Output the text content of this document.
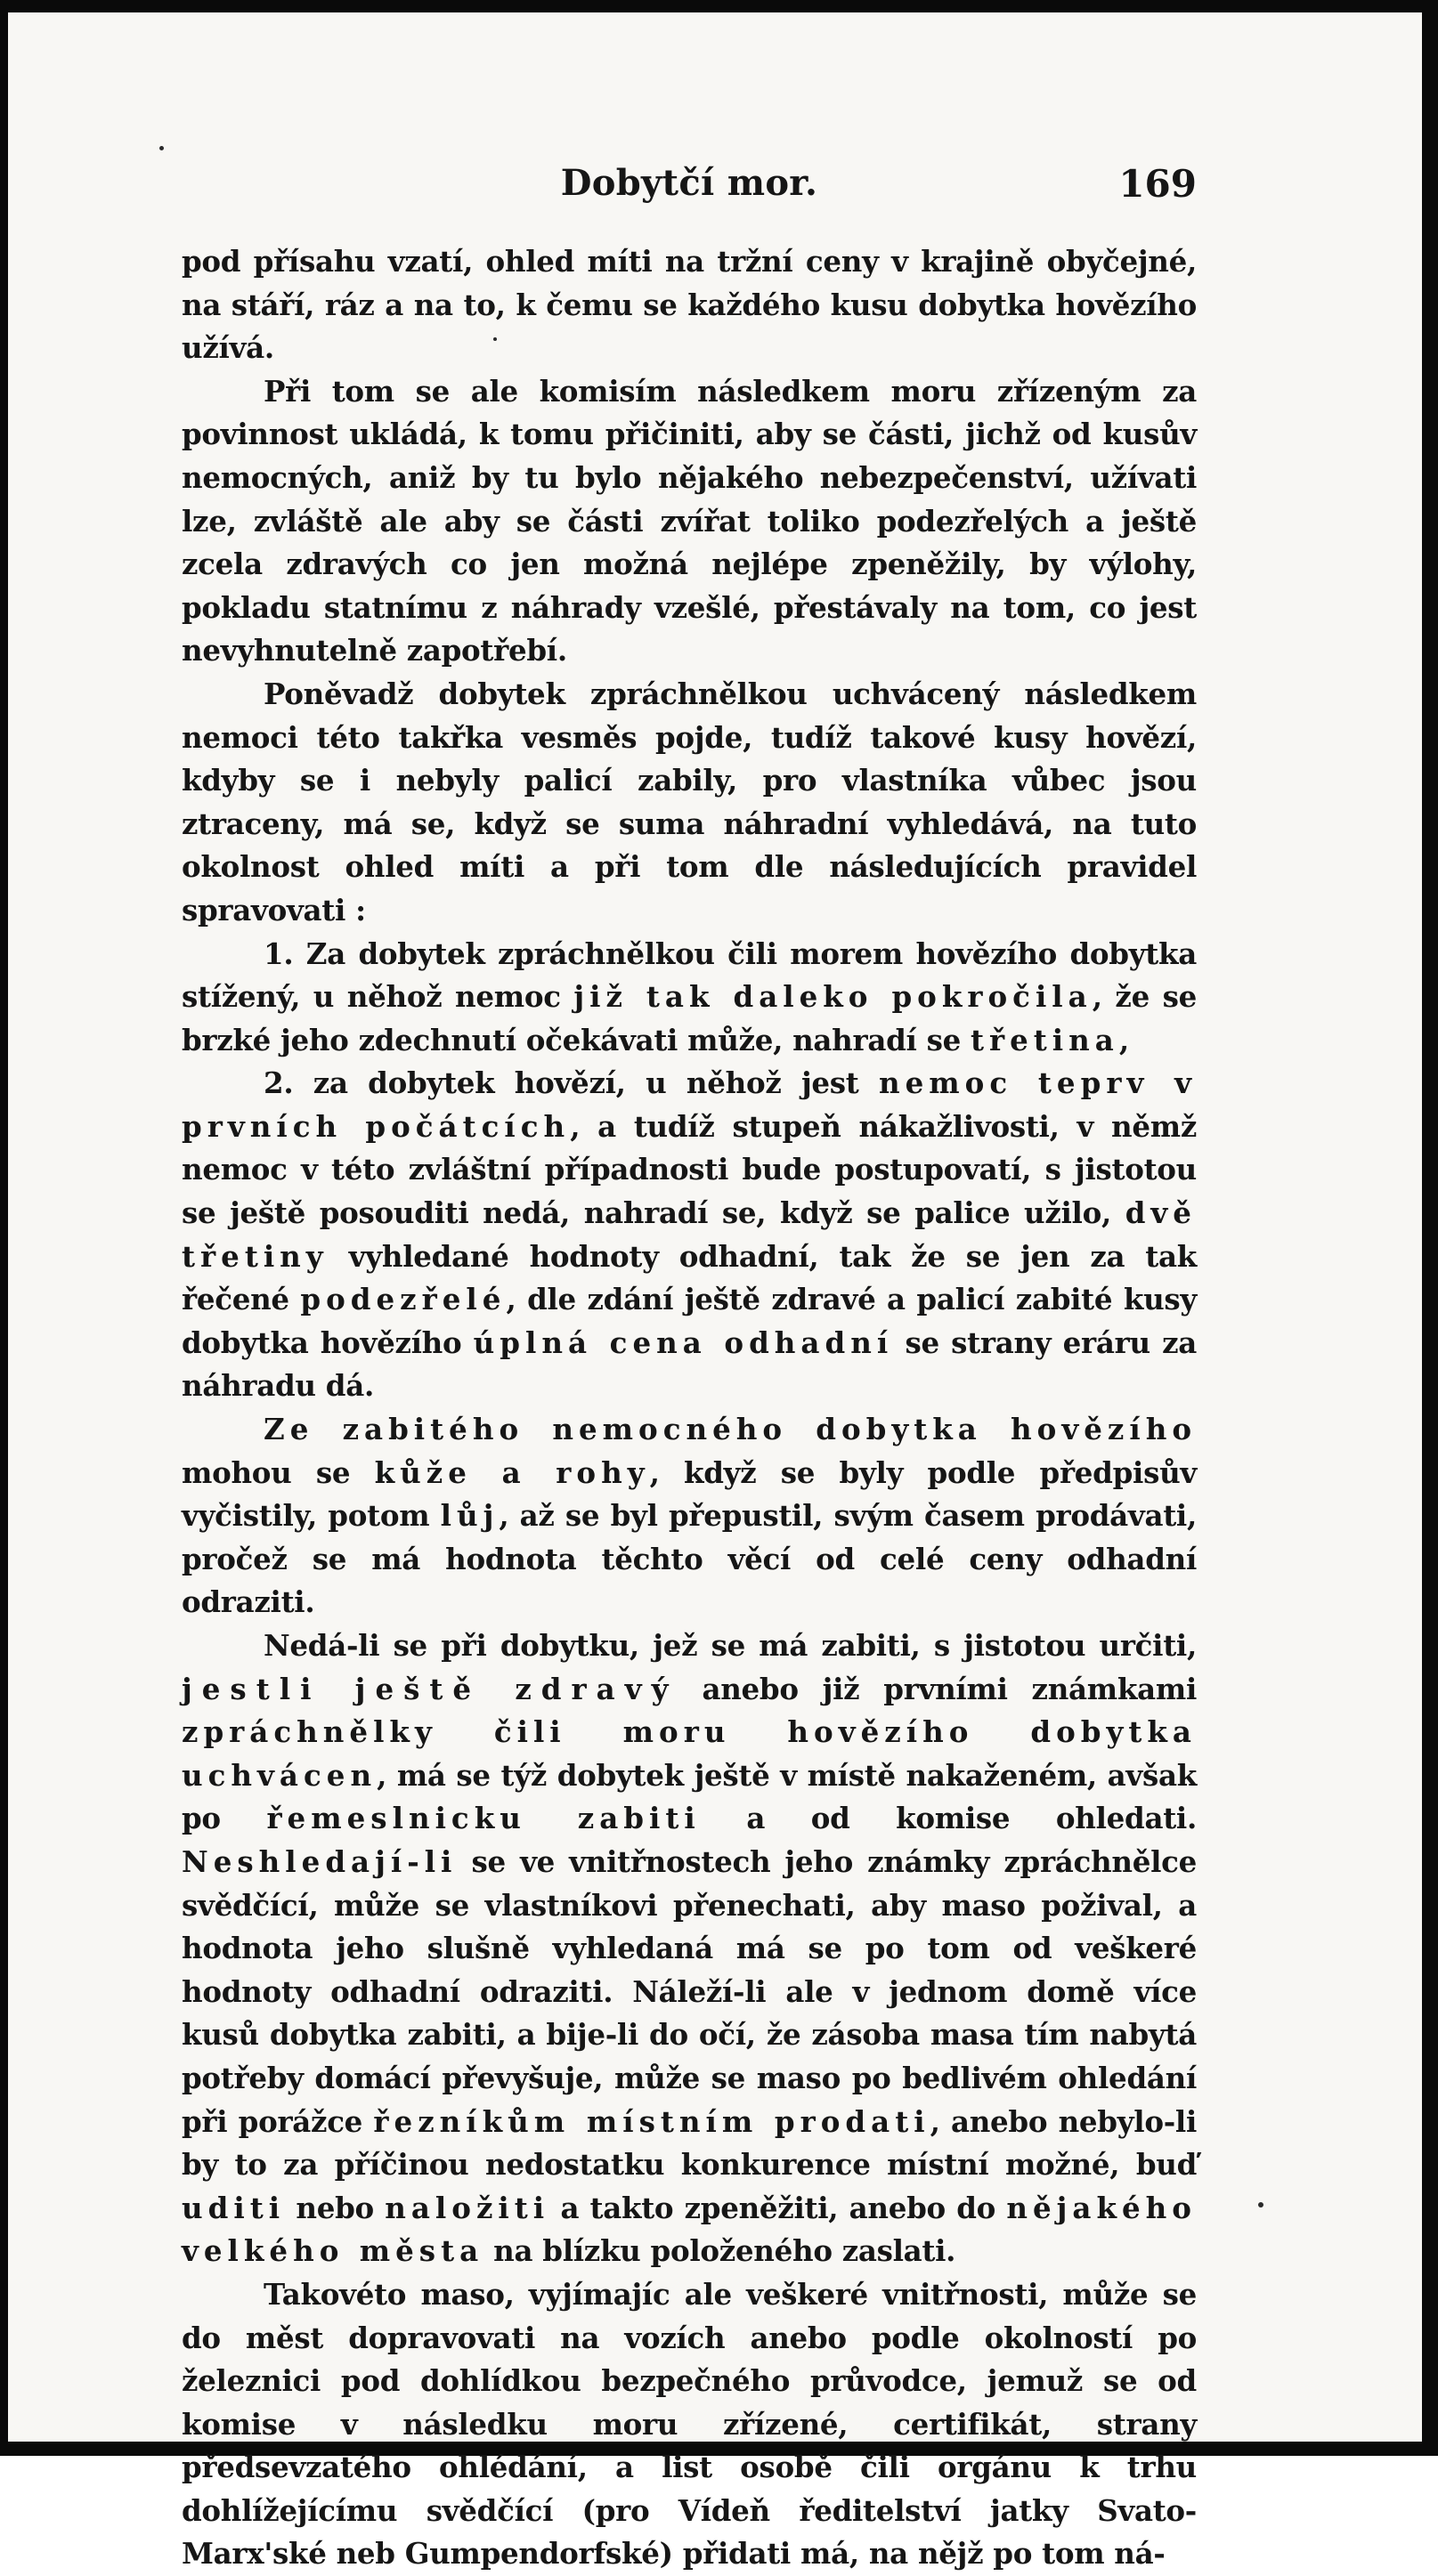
Dobytčí mor.	169

pod přísahu vzatí, ohled míti na tržní ceny v krajině obyčejné, na stáří, ráz a na to, k čemu se každého kusu dobytka hovězího užívá.

Při tom se ale komisím následkem moru zřízeným za povinnost ukládá, k tomu přičiniti, aby se části, jichž od kusův nemocných, aniž by tu bylo nějakého nebezpečenství, užívati lze, zvláště ale aby se části zvířat toliko podezřelých a ještě zcela zdravých co jen možná nejlépe zpeněžily, by výlohy, pokladu statnímu z náhrady vzešlé, přestávaly na tom, co jest nevyhnutelně zapotřebí.

Poněvadž dobytek zpráchnělkou uchvácený následkem nemoci této takřka vesměs pojde, tudíž takové kusy hovězí, kdyby se i nebyly palicí zabily, pro vlastníka vůbec jsou ztraceny, má se, když se suma náhradní vyhledává, na tuto okolnost ohled míti a při tom dle následujících pravidel spravovati :

1. Za dobytek zpráchnělkou čili morem hovězího dobytka stížený, u něhož nemoc již tak daleko pokročila, že se brzké jeho zdechnutí očekávati může, nahradí se třetina,

2. za dobytek hovězí, u něhož jest nemoc teprv v prvních počátcích, a tudíž stupeň nákažlivosti, v němž nemoc v této zvláštní případnosti bude postupovatí, s jistotou se ještě posouditi nedá, nahradí se, když se palice užilo, dvě třetiny vyhledané hodnoty odhadní, tak že se jen za tak řečené podezřelé, dle zdání ještě zdravé a palicí zabité kusy dobytka hovězího úplná cena odhadní se strany eráru za náhradu dá.

Ze zabitého nemocného dobytka hovězího mohou se kůže a rohy, když se byly podle předpisův vyčistily, potom lůj, až se byl přepustil, svým časem prodávati, pročež se má hodnota těchto věcí od celé ceny odhadní odraziti.

Nedá-li se při dobytku, jež se má zabiti, s jistotou určiti, jestli ještě zdravý anebo již prvními známkami zpráchnělky čili moru hovězího dobytka uchvácen, má se týž dobytek ještě v místě nakaženém, avšak po řemeslnicku zabiti a od komise ohledati. Neshledají-li se ve vnitřnostech jeho známky zpráchnělce svědčící, může se vlastníkovi přenechati, aby maso požival, a hodnota jeho slušně vyhledaná má se po tom od veškeré hodnoty odhadní odraziti. Náleží-li ale v jednom domě více kusů dobytka zabiti, a bije-li do očí, že zásoba masa tím nabytá potřeby domácí převyšuje, může se maso po bedlivém ohledání při porážce řezníkům místním prodati, anebo nebylo-li by to za příčinou nedostatku konkurence místní možné, buď uditi nebo naložiti a takto zpeněžiti, anebo do nějakého velkého města na blízku položeného zaslati.

Takovéto maso, vyjímajíc ale veškeré vnitřnosti, může se do měst dopravovati na vozích anebo podle okolností po železnici pod dohlídkou bezpečného průvodce, jemuž se od komise v následku moru zřízené, certifikát, strany předsevzatého ohlédání, a list osobě čili orgánu k trhu dohlížejícímu svědčící (pro Vídeň ředitelství jatky Svato-Marx'ské neb Gumpendorfské) přidati má, na nějž po tom ná-
